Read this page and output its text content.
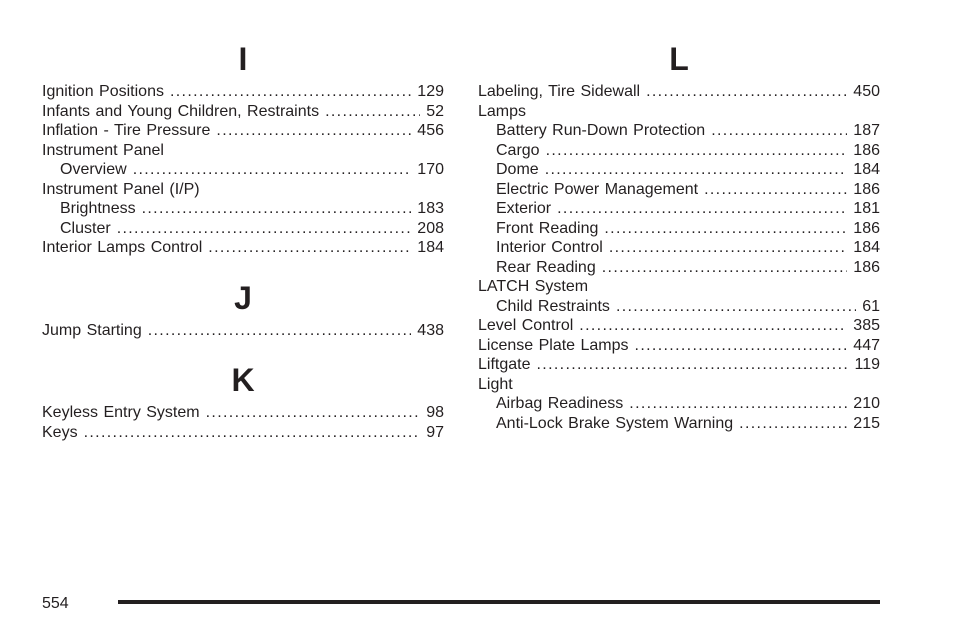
I
Ignition Positions . . .	129
Infants and Young Children, Restraints . . .	52
Inflation - Tire Pressure . . .	456
Instrument Panel
Overview . . .	170
Instrument Panel (I/P)
Brightness . . .	183
Cluster . . .	208
Interior Lamps Control . . .	184
J
Jump Starting . . .	438
K
Keyless Entry System . . .	98
Keys . . .	97
L
Labeling, Tire Sidewall . . .	450
Lamps
Battery Run-Down Protection . . .	187
Cargo . . .	186
Dome . . .	184
Electric Power Management . . .	186
Exterior . . .	181
Front Reading . . .	186
Interior Control . . .	184
Rear Reading . . .	186
LATCH System
Child Restraints . . .	61
Level Control . . .	385
License Plate Lamps . . .	447
Liftgate . . .	119
Light
Airbag Readiness . . .	210
Anti-Lock Brake System Warning . . .	215
554
